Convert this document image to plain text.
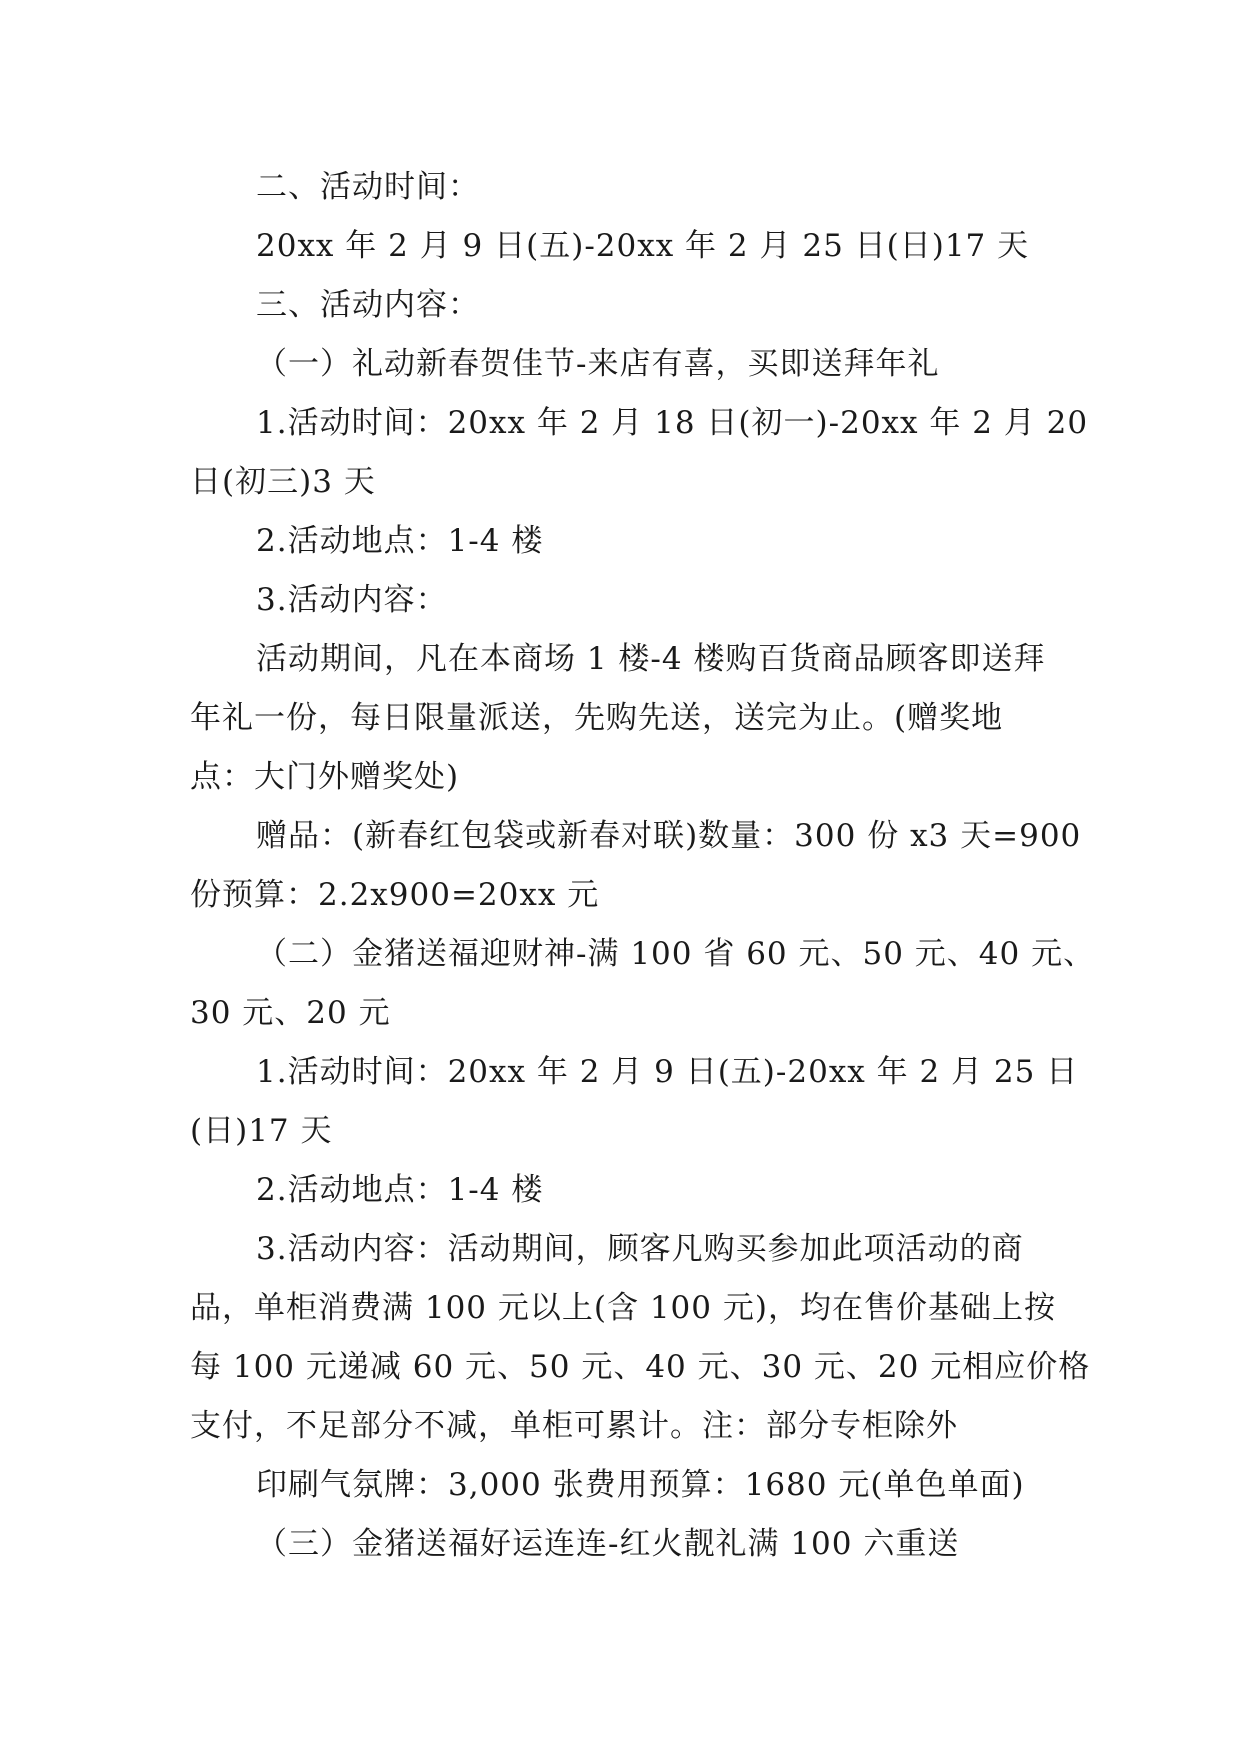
二、活动时间：

20xx 年 2 月 9 日(五)-20xx 年 2 月 25 日(日)17 天

三、活动内容：

（一）礼动新春贺佳节-来店有喜，买即送拜年礼

1.活动时间：20xx 年 2 月 18 日(初一)-20xx 年 2 月 20

日(初三)3 天

2.活动地点：1-4 楼

3.活动内容：

活动期间，凡在本商场 1 楼-4 楼购百货商品顾客即送拜

年礼一份，每日限量派送，先购先送，送完为止。(赠奖地

点：大门外赠奖处)

赠品：(新春红包袋或新春对联)数量：300 份 x3 天=900

份预算：2.2x900=20xx 元

（二）金猪送福迎财神-满 100 省 60 元、50 元、40 元、

30 元、20 元

1.活动时间：20xx 年 2 月 9 日(五)-20xx 年 2 月 25 日

(日)17 天

2.活动地点：1-4 楼

3.活动内容：活动期间，顾客凡购买参加此项活动的商

品，单柜消费满 100 元以上(含 100 元)，均在售价基础上按

每 100 元递减 60 元、50 元、40 元、30 元、20 元相应价格

支付，不足部分不减，单柜可累计。注：部分专柜除外

印刷气氛牌：3,000 张费用预算：1680 元(单色单面)

（三）金猪送福好运连连-红火靓礼满 100 六重送
